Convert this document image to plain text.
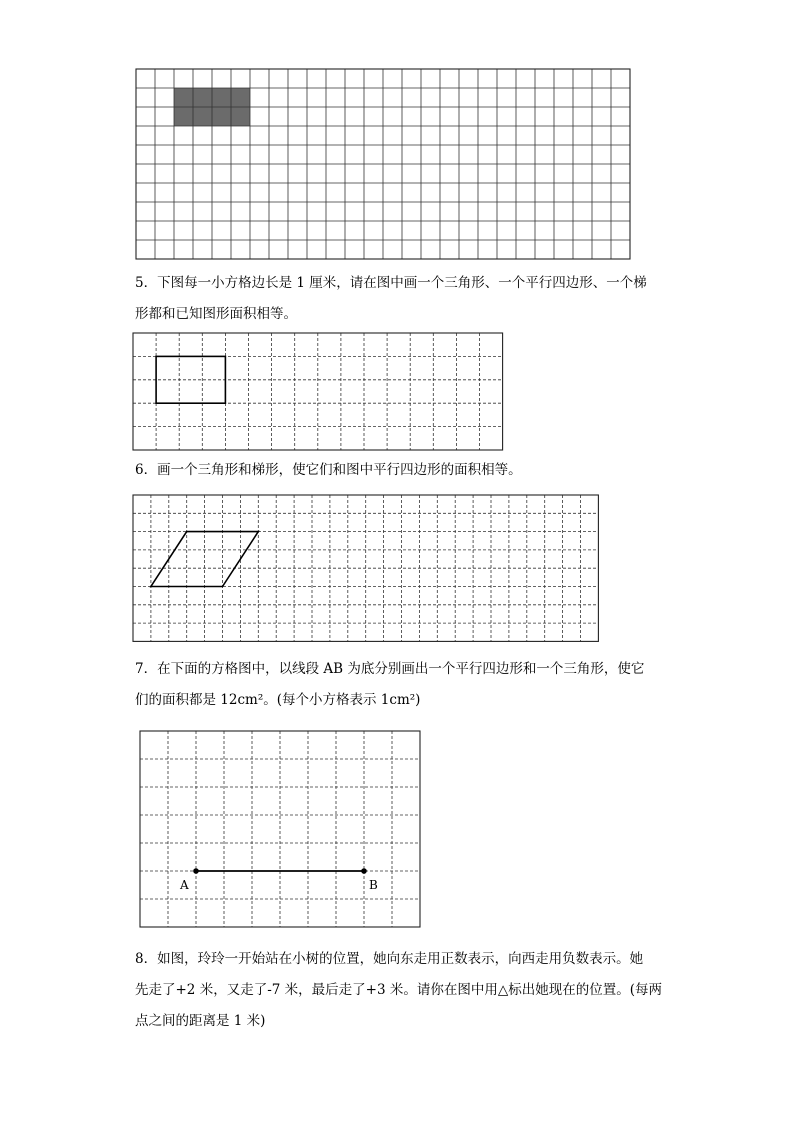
5．下图每一小方格边长是 1 厘米，请在图中画一个三角形、一个平行四边形、一个梯

形都和已知图形面积相等。

6．画一个三角形和梯形，使它们和图中平行四边形的面积相等。

7．在下面的方格图中，以线段 AB 为底分别画出一个平行四边形和一个三角形，使它

们的面积都是 12cm²。(每个小方格表示 1cm²)

A	B

8．如图，玲玲一开始站在小树的位置，她向东走用正数表示，向西走用负数表示。她

先走了+2 米，又走了-7 米，最后走了+3 米。请你在图中用△标出她现在的位置。(每两

点之间的距离是 1 米)
